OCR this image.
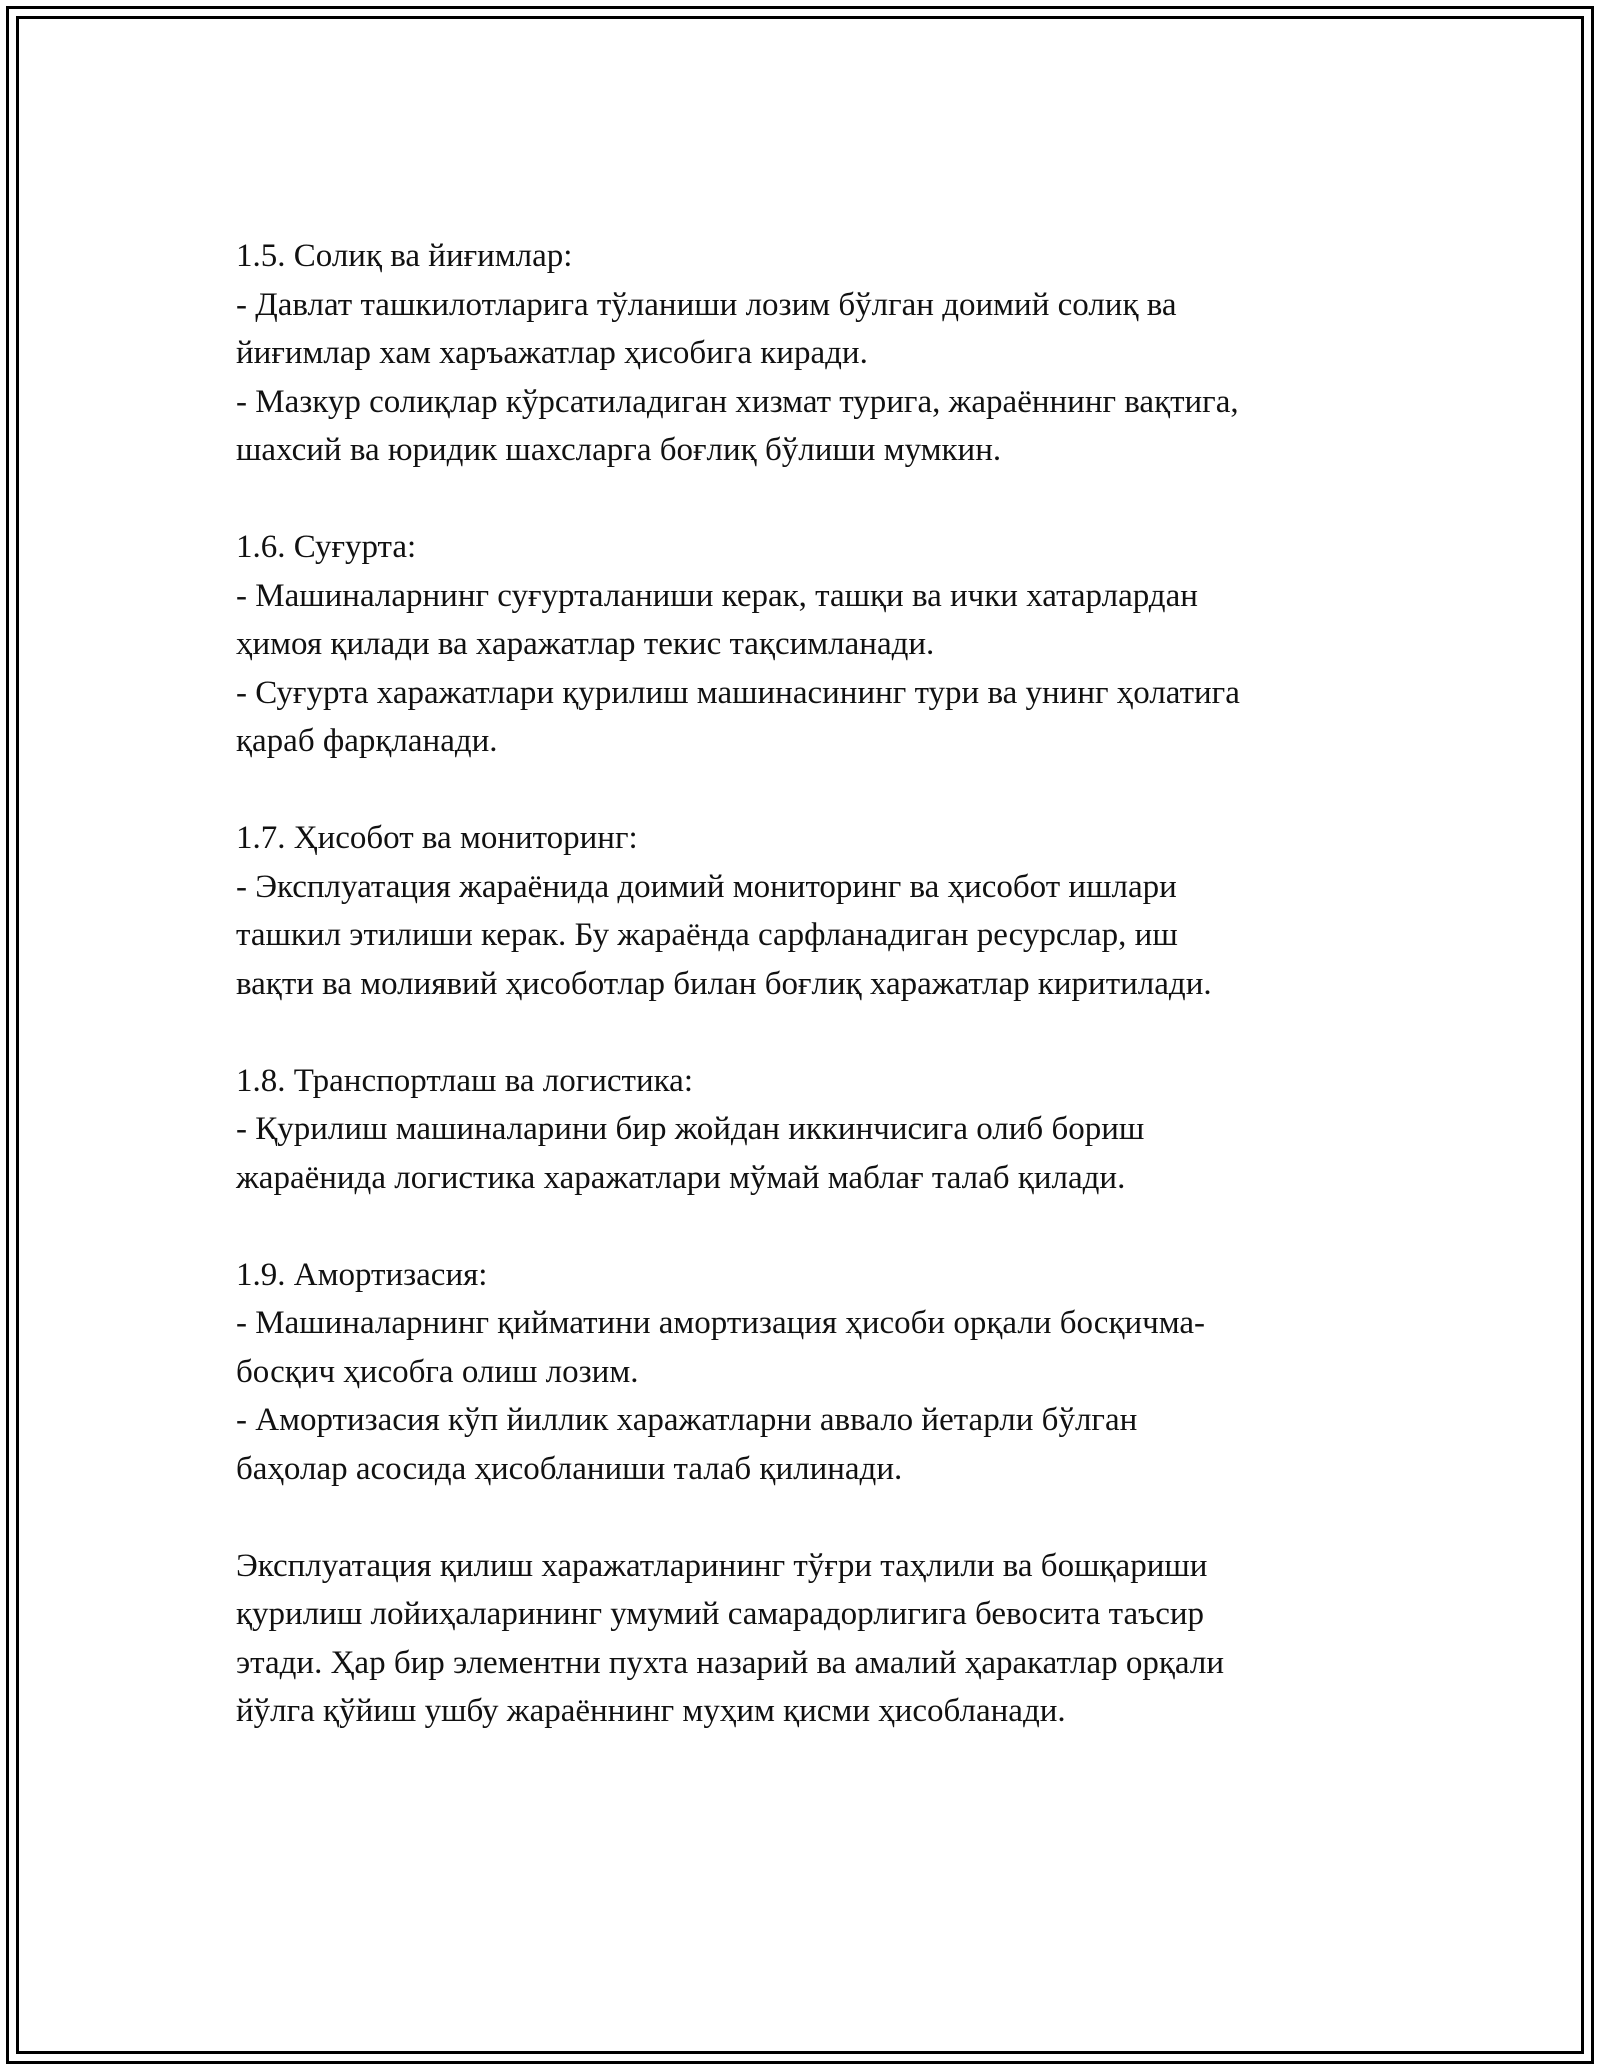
1.5. Солиқ ва йиғимлар:
- Давлат ташкилотларига тўланиши лозим бўлган доимий солиқ ва
йиғимлар хам харъажатлар ҳисобига киради.
- Мазкур солиқлар кўрсатиладиган хизмат турига, жараённинг вақтига,
шахсий ва юридик шахсларга боғлиқ бўлиши мумкин.
1.6. Суғурта:
- Машиналарнинг суғурталаниши керак, ташқи ва ички хатарлардан
ҳимоя қилади ва харажатлар текис тақсимланади.
- Суғурта харажатлари қурилиш машинасининг тури ва унинг ҳолатига
қараб фарқланади.
1.7. Ҳисобот ва мониторинг:
- Эксплуатация жараёнида доимий мониторинг ва ҳисобот ишлари
ташкил этилиши керак. Бу жараёнда сарфланадиган ресурслар, иш
вақти ва молиявий ҳисоботлар билан боғлиқ харажатлар киритилади.
1.8. Транспортлаш ва логистика:
- Қурилиш машиналарини бир жойдан иккинчисига олиб бориш
жараёнида логистика харажатлари мўмай маблағ талаб қилади.
1.9. Амортизасия:
- Машиналарнинг қийматини амортизация ҳисоби орқали босқичма-
босқич ҳисобга олиш лозим.
- Амортизасия кўп йиллик харажатларни аввало йетарли бўлган
баҳолар асосида ҳисобланиши талаб қилинади.
Эксплуатация қилиш харажатларининг тўғри таҳлили ва бошқариши
қурилиш лойиҳаларининг умумий самарадорлигига бевосита таъсир
этади. Ҳар бир элементни пухта назарий ва амалий ҳаракатлар орқали
йўлга қўйиш ушбу жараённинг муҳим қисми ҳисобланади.
